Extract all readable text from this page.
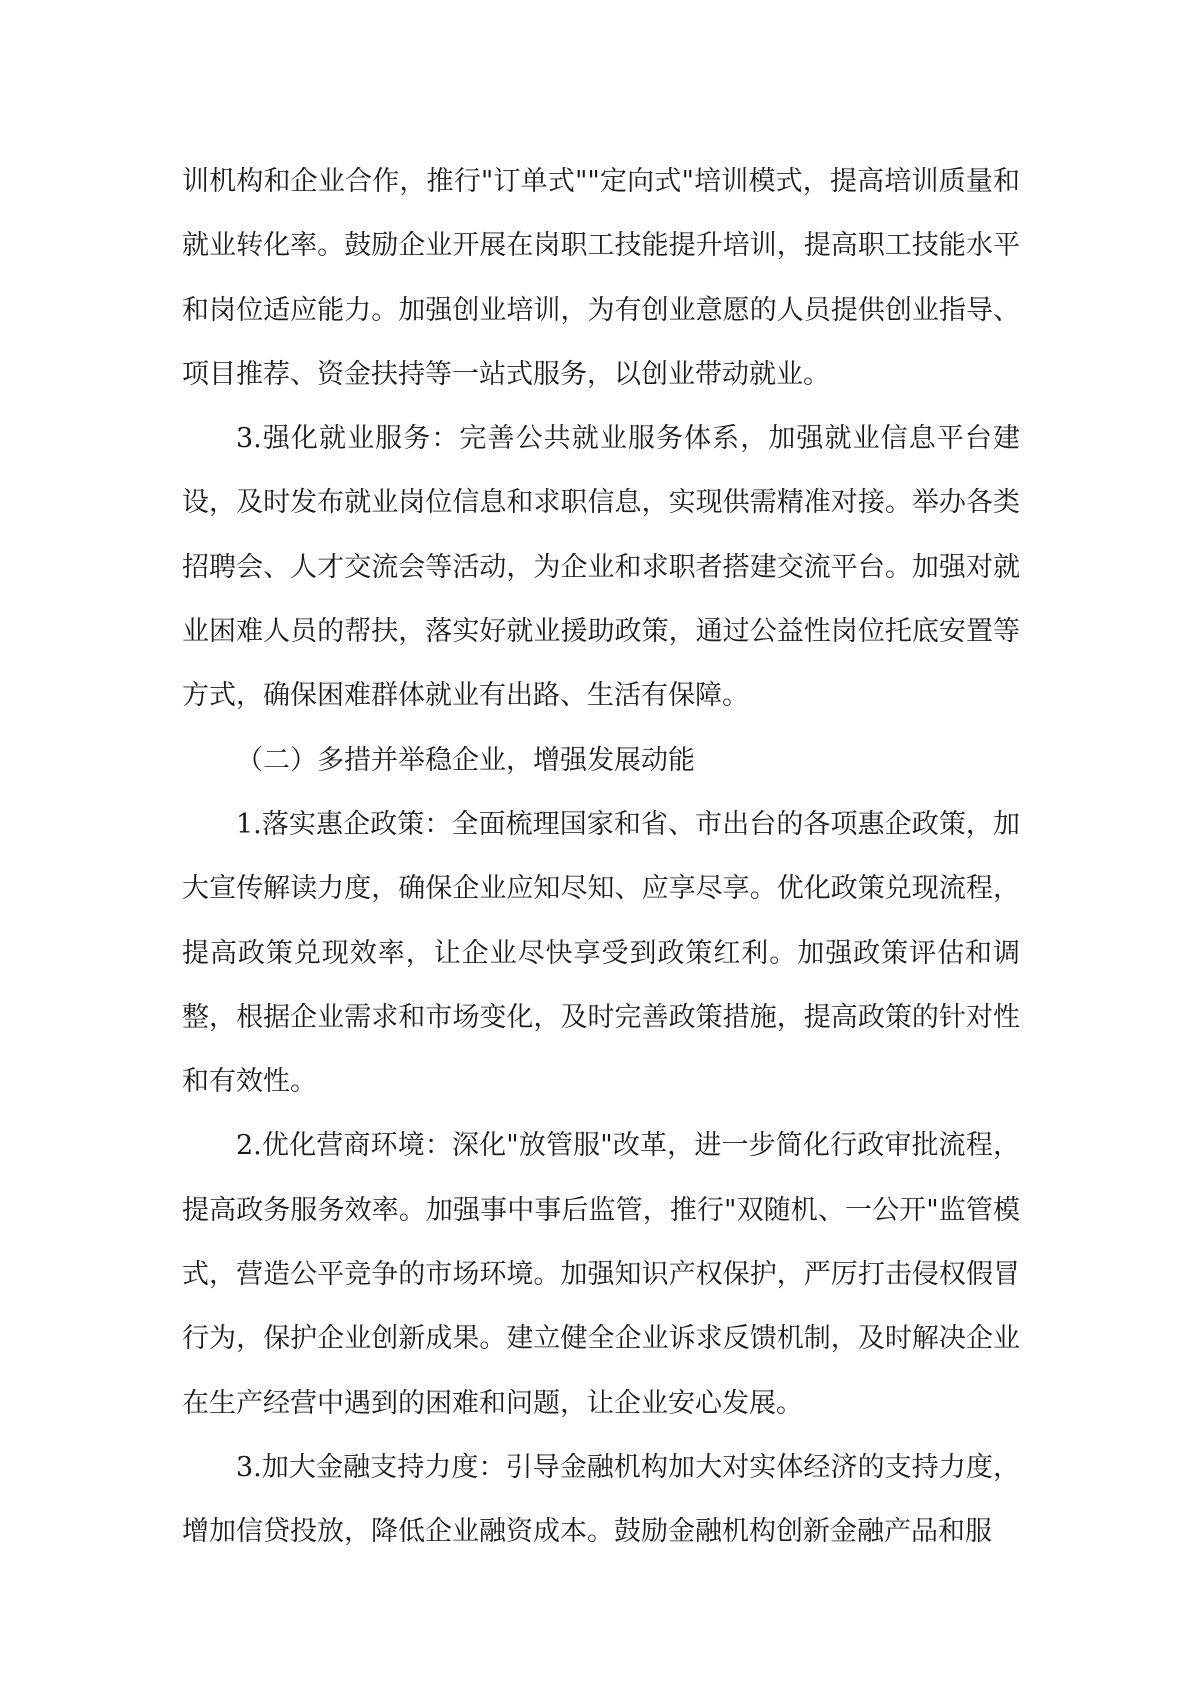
训机构和企业合作，推行"订单式""定向式"培训模式，提高培训质量和就业转化率。鼓励企业开展在岗职工技能提升培训，提高职工技能水平和岗位适应能力。加强创业培训，为有创业意愿的人员提供创业指导、项目推荐、资金扶持等一站式服务，以创业带动就业。

3.强化就业服务：完善公共就业服务体系，加强就业信息平台建设，及时发布就业岗位信息和求职信息，实现供需精准对接。举办各类招聘会、人才交流会等活动，为企业和求职者搭建交流平台。加强对就业困难人员的帮扶，落实好就业援助政策，通过公益性岗位托底安置等方式，确保困难群体就业有出路、生活有保障。

（二）多措并举稳企业，增强发展动能

1.落实惠企政策：全面梳理国家和省、市出台的各项惠企政策，加大宣传解读力度，确保企业应知尽知、应享尽享。优化政策兑现流程，提高政策兑现效率，让企业尽快享受到政策红利。加强政策评估和调整，根据企业需求和市场变化，及时完善政策措施，提高政策的针对性和有效性。

2.优化营商环境：深化"放管服"改革，进一步简化行政审批流程，提高政务服务效率。加强事中事后监管，推行"双随机、一公开"监管模式，营造公平竞争的市场环境。加强知识产权保护，严厉打击侵权假冒行为，保护企业创新成果。建立健全企业诉求反馈机制，及时解决企业在生产经营中遇到的困难和问题，让企业安心发展。

3.加大金融支持力度：引导金融机构加大对实体经济的支持力度，增加信贷投放，降低企业融资成本。鼓励金融机构创新金融产品和服
